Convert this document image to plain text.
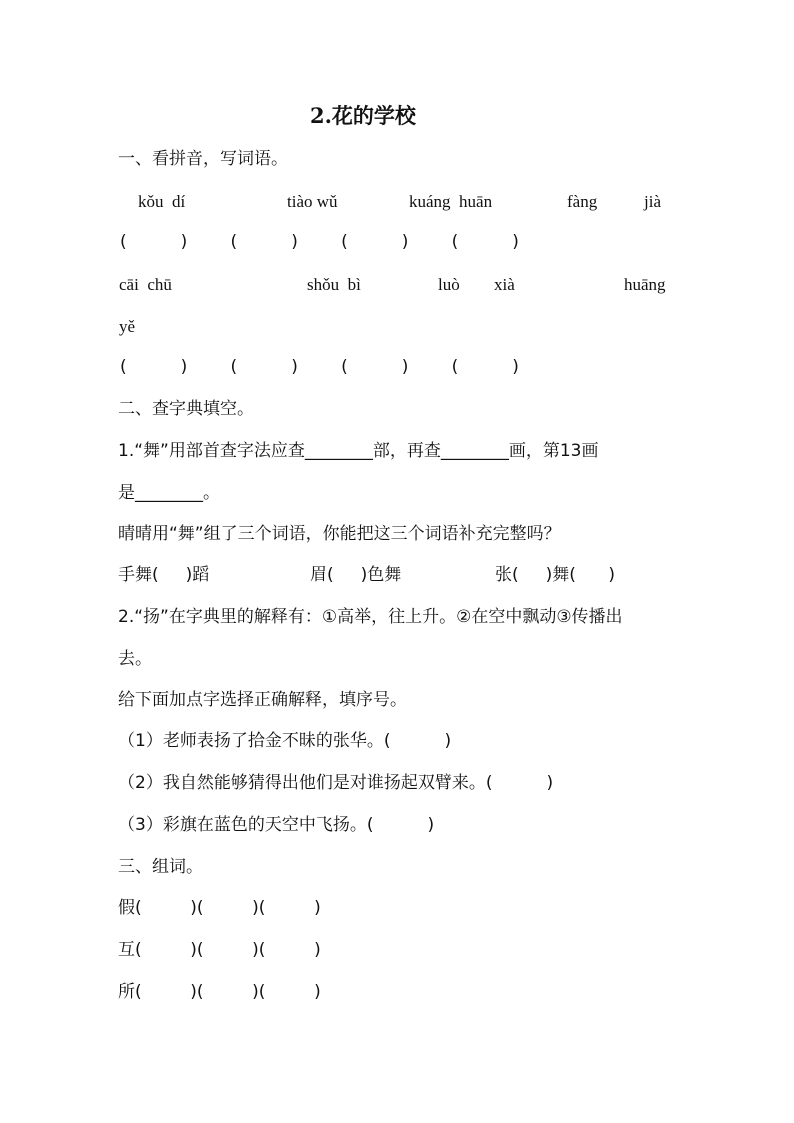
2.花的学校
一、看拼音，写词语。
kǒu  dí	tiào wǔ	kuáng  huān	fàng	jià
(          )        (          )        (          )        (          )
cāi  chū	shǒu  bì	luò xià	huāng
yě
(          )        (          )        (          )        (          )
二、查字典填空。
1.“舞”用部首查字法应查________部，再查________画，第13画
是________。
晴晴用“舞”组了三个词语，你能把这三个词语补充完整吗？
手舞(     )蹈	眉(     )色舞	张(     )舞(      )
2.“扬”在字典里的解释有：①高举，往上升。②在空中飘动③传播出
去。
给下面加点字选择正确解释，填序号。
（1）老师表扬了拾金不昧的张华。(          )
（2）我自然能够猜得出他们是对谁扬起双臂来。(          )
（3）彩旗在蓝色的天空中飞扬。(          )
三、组词。
假(         )(         )(         )
互(         )(         )(         )
所(         )(         )(         )
